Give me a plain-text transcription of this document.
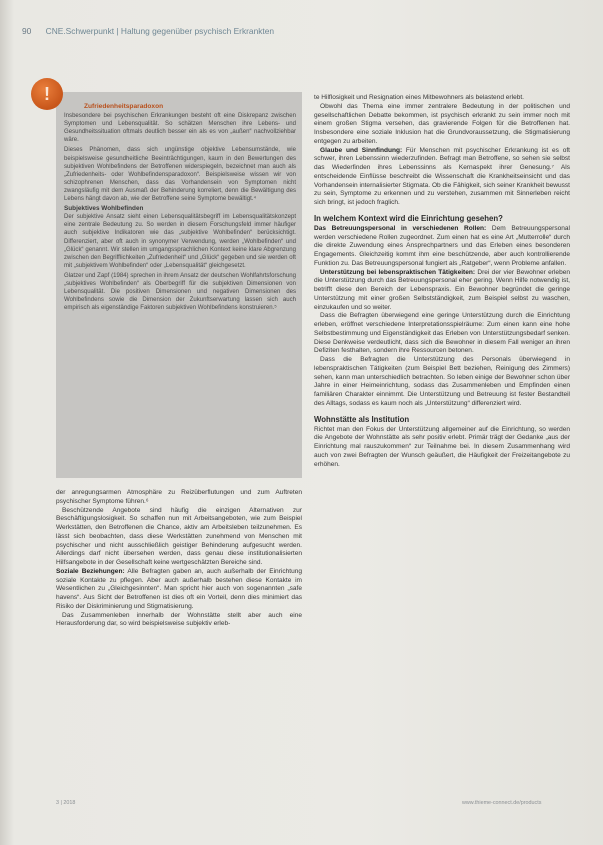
90 CNE.Schwerpunkt | Haltung gegenüber psychisch Erkrankten

Zufriedenheitsparadoxon

Insbesondere bei psychischen Erkrankungen besteht oft eine Diskrepanz zwischen Symptomen und Lebensqualität. So schätzen Menschen ihre Lebens- und Gesundheitssituation oftmals deutlich besser ein als es von „außen“ nachvollziehbar wäre.

Dieses Phänomen, dass sich ungünstige objektive Lebensumstände, wie beispielsweise gesundheitliche Beeinträchtigungen, kaum in den Bewertungen des subjektiven Wohlbefindens der Betroffenen widerspiegeln, bezeichnet man auch als „Zufriedenheits- oder Wohlbefindensparadoxon“. Beispielsweise wissen wir von schizophrenen Menschen, dass das Vorhandensein von Symptomen nicht zwangsläufig mit dem Ausmaß der Behinderung korreliert, denn die Bewältigung des Lebens hängt davon ab, wie der Betroffene seine Symptome bewältigt.⁴

Subjektives Wohlbefinden

Der subjektive Ansatz sieht einen Lebensqualitätsbegriff im Lebensqualitätskonzept eine zentrale Bedeutung zu. So werden in diesem Forschungsfeld immer häufiger auch subjektive Indikatoren wie das „subjektive Wohlbefinden“ berücksichtigt. Differenziert, aber oft auch in synonymer Verwendung, werden „Wohlbefinden“ und „Glück“ genannt. Wir stellen im umgangssprachlichen Kontext keine klare Abgrenzung zwischen den Begrifflichkeiten „Zufriedenheit“ und „Glück“ gegeben und sie werden oft mit „subjektivem Wohlbefinden“ oder „Lebensqualität“ gleichgesetzt.

Glatzer und Zapf (1984) sprechen in ihrem Ansatz der deutschen Wohlfahrtsforschung „subjektives Wohlbefinden“ als Oberbegriff für die subjektiven Dimensionen von Lebensqualität. Die positiven Dimensionen und negativen Dimensionen des Wohlbefindens sowie die Dimension der Zukunftserwartung lassen sich auch empirisch als eigenständige Faktoren subjektiven Wohlbefindens konstruieren.⁵

!

der anregungsarmen Atmosphäre zu Reizüberflutungen und zum Auftreten psychischer Symptome führen.⁶

Beschützende Angebote sind häufig die einzigen Alternativen zur Beschäftigungslosigkeit. So schaffen nun mit Arbeitsangeboten, wie zum Beispiel Werkstätten, den Betroffenen die Chance, aktiv am Arbeitsleben teilzunehmen. Es lässt sich beobachten, dass diese Werkstätten zunehmend von Menschen mit psychischer und nicht ausschließlich geistiger Behinderung aufgesucht werden. Allerdings darf nicht übersehen werden, dass genau diese institutionalisierten Hilfsangebote in der Gesellschaft keine wertgeschätzten Bereiche sind.

Soziale Beziehungen: Alle Befragten gaben an, auch außerhalb der Einrichtung soziale Kontakte zu pflegen. Aber auch außerhalb bestehen diese Kontakte im Wesentlichen zu „Gleichgesinnten“. Man spricht hier auch von sogenannten „safe havens“. Aus Sicht der Betroffenen ist dies oft ein Vorteil, denn dies minimiert das Risiko der Diskriminierung und Stigmatisierung.

Das Zusammenleben innerhalb der Wohnstätte stellt aber auch eine Herausforderung dar, so wird beispielsweise subjektiv erleb-

te Hilflosigkeit und Resignation eines Mitbewohners als belastend erlebt.

Obwohl das Thema eine immer zentralere Bedeutung in der politischen und gesellschaftlichen Debatte bekommen, ist psychisch erkrankt zu sein immer noch mit einem großen Stigma versehen, das gravierende Folgen für die Betroffenen hat. Insbesondere eine soziale Inklusion hat die Grundvoraussetzung, die Stigmatisierung entgegen zu arbeiten.

Glaube und Sinnfindung: Für Menschen mit psychischer Erkrankung ist es oft schwer, ihren Lebenssinn wiederzufinden. Befragt man Betroffene, so sehen sie selbst das Wiederfinden ihres Lebenssinns als Kernaspekt ihrer Genesung.⁷ Als entscheidende Einflüsse beschreibt die Wissenschaft die Krankheitseinsicht und das Vorhandensein internalisierter Stigmata. Ob die Fähigkeit, sich seiner Krankheit bewusst zu sein, Symptome zu erkennen und zu verstehen, zusammen mit Sinnerleben reicht sich bringt, ist jedoch fraglich.

In welchem Kontext wird die Einrichtung gesehen?

Das Betreuungspersonal in verschiedenen Rollen: Dem Betreuungspersonal werden verschiedene Rollen zugeordnet. Zum einen hat es eine Art „Mutterrolle“ durch die direkte Zuwendung eines Ansprechpartners und das Erleben eines besonderen Engagements. Gleichzeitig kommt ihm eine beschützende, aber auch kontrollierende Funktion zu. Das Betreuungspersonal fungiert als „Ratgeber“, wenn Probleme anfallen.

Unterstützung bei lebenspraktischen Tätigkeiten: Drei der vier Bewohner erleben die Unterstützung durch das Betreuungspersonal eher gering. Wenn Hilfe notwendig ist, betrifft diese den Bereich der Lebenspraxis. Ein Bewohner begründet die geringe Unterstützung mit einer großen Selbstständigkeit, zum Beispiel selbst zu waschen, einzukaufen und so weiter.

Dass die Befragten überwiegend eine geringe Unterstützung durch die Einrichtung erleben, eröffnet verschiedene Interpretationsspielräume: Zum einen kann eine hohe Selbstbestimmung und Eigenständigkeit das Erleben von Unterstützungsbedarf senken. Diese Denkweise verdeutlicht, dass sich die Bewohner in diesem Fall weniger an ihren Defiziten festhalten, sondern ihre Ressourcen betonen.

Dass die Befragten die Unterstützung des Personals überwiegend in lebenspraktischen Tätigkeiten (zum Beispiel Bett beziehen, Reinigung des Zimmers) sehen, kann man unterschiedlich betrachten. So leben einige der Bewohner schon über Jahre in einer Heimeinrichtung, sodass das Zusammenleben und Empfinden einen familiären Charakter einnimmt. Die Unterstützung und Betreuung ist fester Bestandteil des Alltags, sodass es kaum noch als „Unterstützung“ differenziert wird.

Wohnstätte als Institution

Richtet man den Fokus der Unterstützung allgemeiner auf die Einrichtung, so werden die Angebote der Wohnstätte als sehr positiv erlebt. Primär trägt der Gedanke „aus der Einrichtung mal rauszukommen“ zur Teilnahme bei. In diesem Zusammenhang wird auch von zwei Befragten der Wunsch geäußert, die Häufigkeit der Freizeitangebote zu erhöhen.

3 | 2018	www.thieme-connect.de/products
